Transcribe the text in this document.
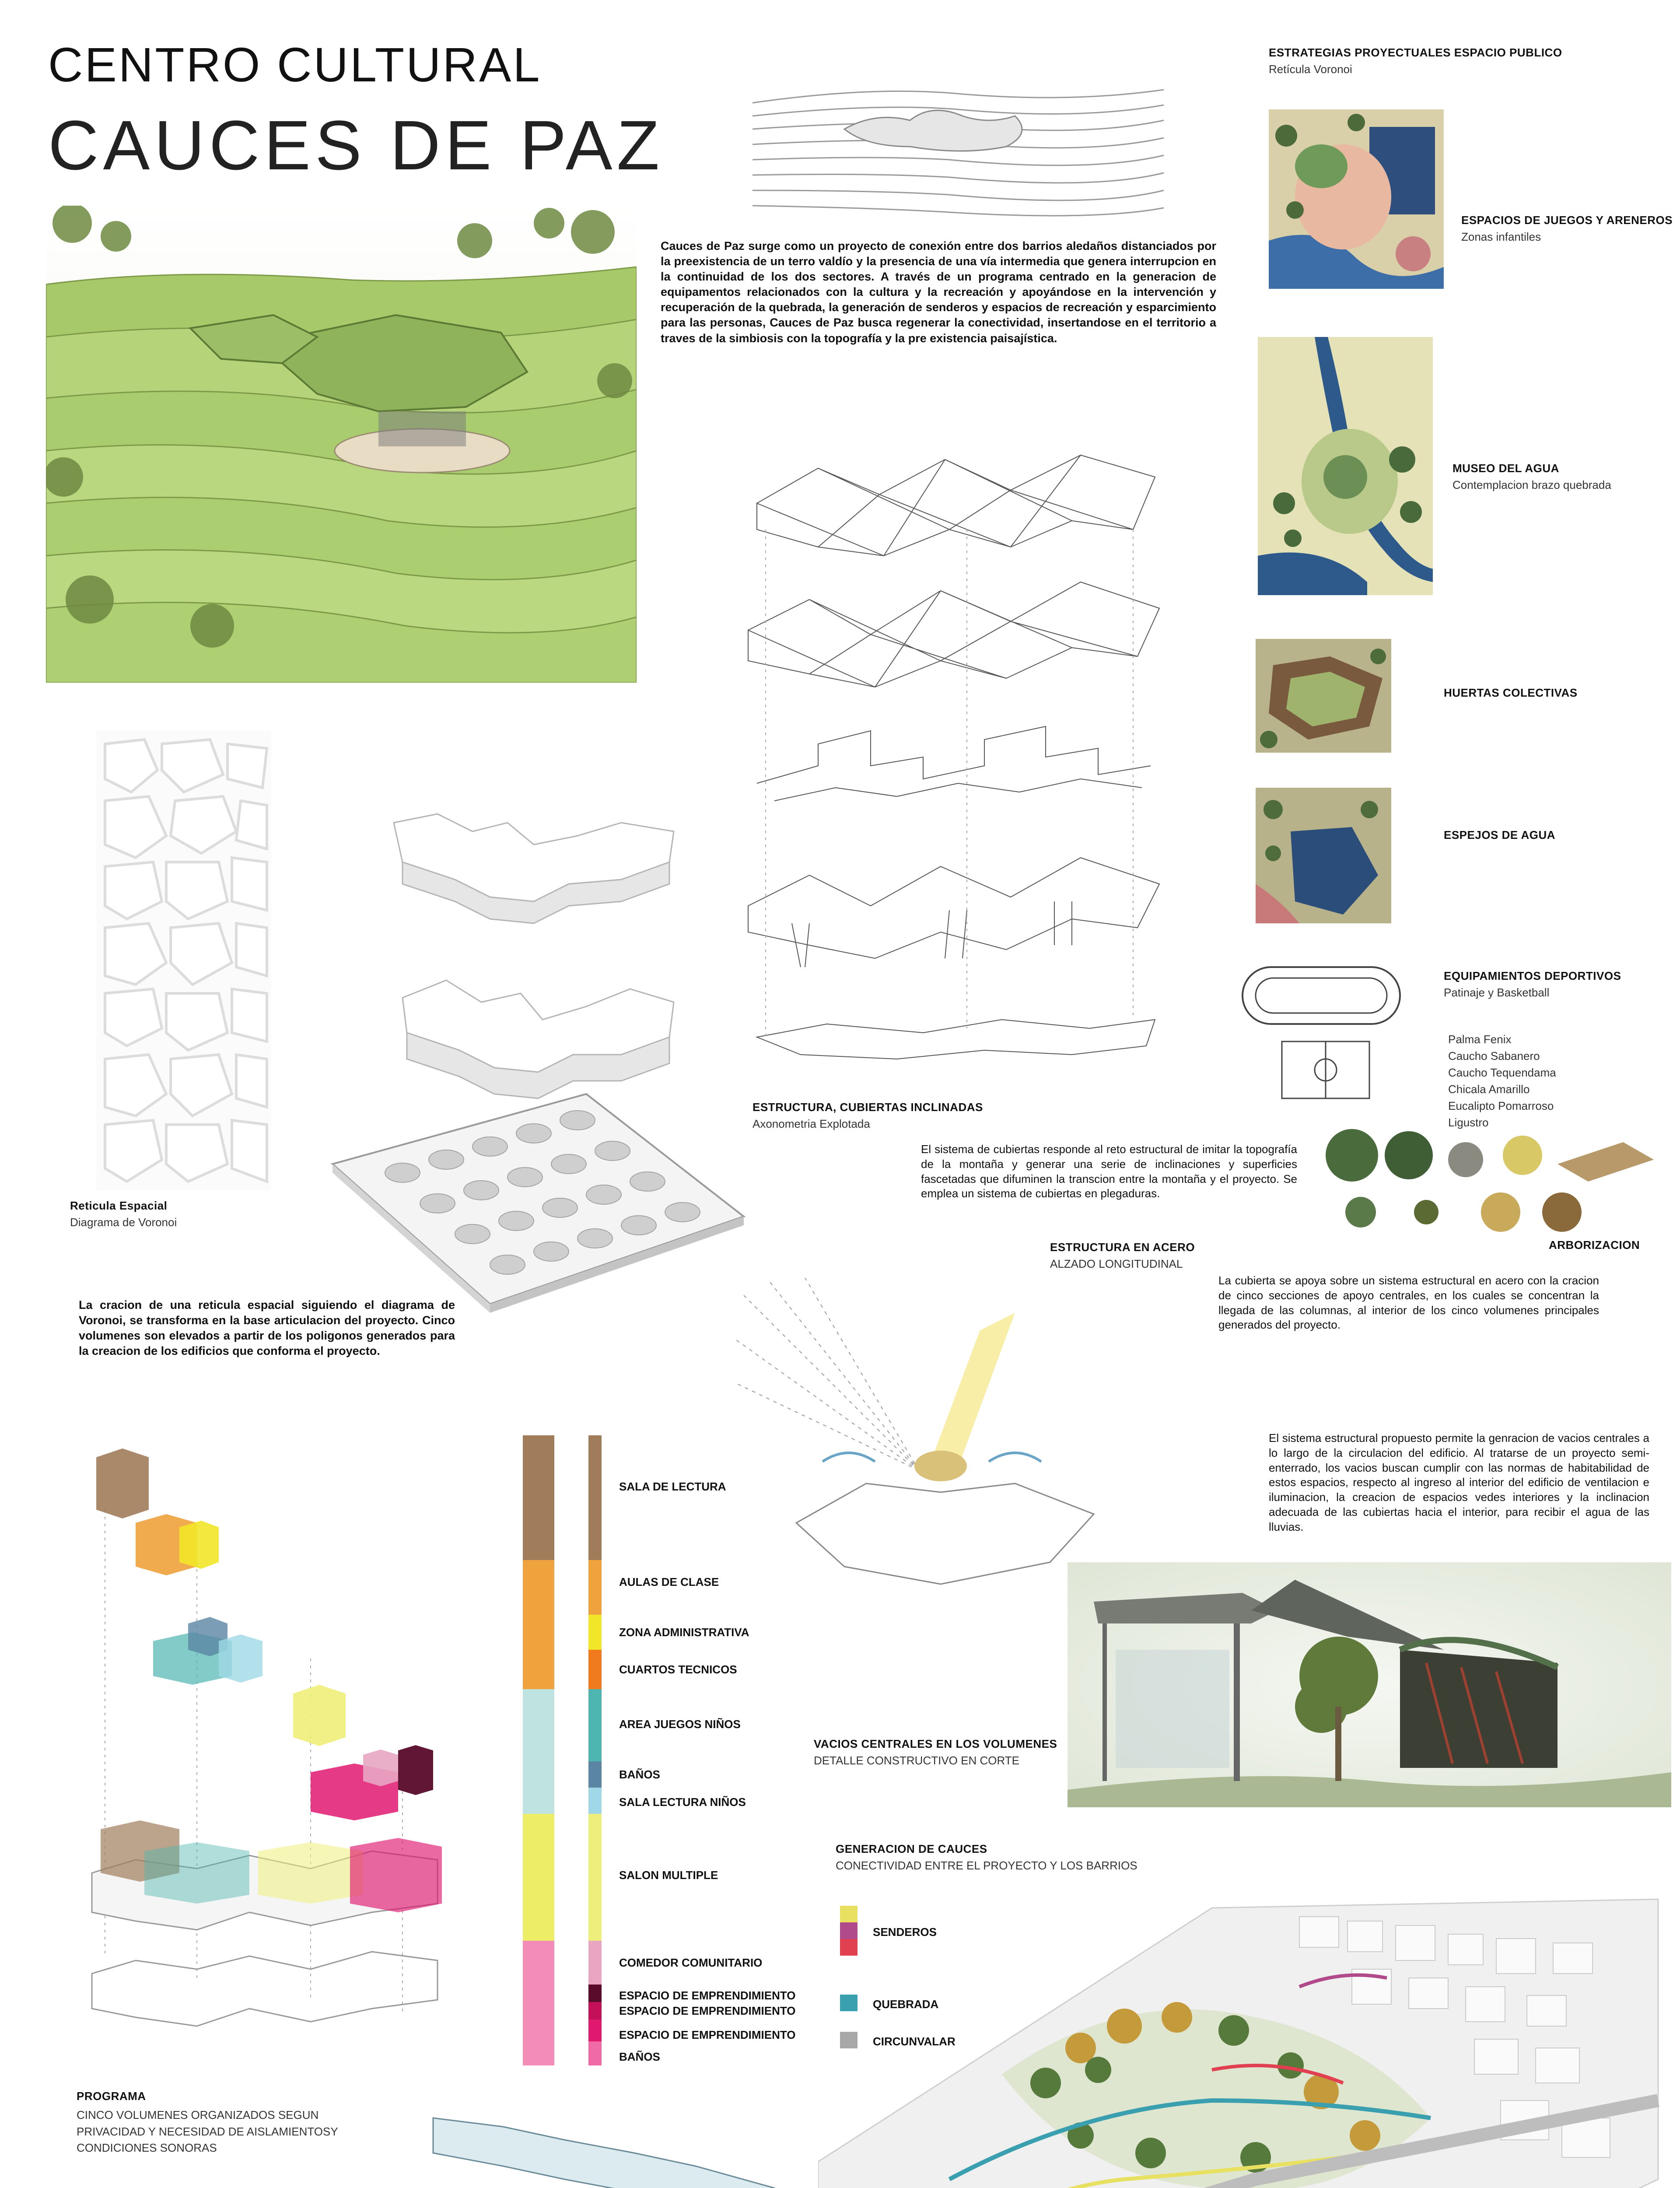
CENTRO CULTURAL
CAUCES DE PAZ
Cauces de Paz surge como un proyecto de conexión entre dos barrios aledaños distanciados por la preexistencia de un terro valdío y la presencia de una vía intermedia que genera interrupcion en la continuidad de los dos sectores. A través de un programa centrado en la generacion de equipamentos relacionados con la cultura y la recreación y apoyándose en la intervención y recuperación de la quebrada, la generación de senderos y espacios de recreación y esparcimiento para las personas, Cauces de Paz busca regenerar la conectividad, insertandose en el territorio a traves de la simbiosis con la topografía y la pre existencia paisajística.
ESTRUCTURA, CUBIERTAS INCLINADAS
Axonometria Explotada
El sistema de cubiertas responde al reto estructural de imitar la topografía de la montaña y generar una serie de inclinaciones y superficies fascetadas que difuminen la transcion entre la montaña y el proyecto. Se emplea un sistema de cubiertas en plegaduras.
ESTRUCTURA EN ACERO
ALZADO LONGITUDINAL
La cubierta se apoya sobre un sistema estructural en acero con la cracion de cinco secciones de apoyo centrales, en los cuales se concentran la llegada de las columnas, al interior de los cinco volumenes principales generados del proyecto.
ESTRATEGIAS PROYECTUALES ESPACIO PUBLICO
Retícula Voronoi
ESPACIOS DE JUEGOS Y ARENEROS
Zonas infantiles
MUSEO DEL AGUA
Contemplacion brazo quebrada
HUERTAS COLECTIVAS
ESPEJOS DE AGUA
EQUIPAMIENTOS DEPORTIVOS
Patinaje y Basketball
Palma Fenix
Caucho Sabanero
Caucho Tequendama
Chicala Amarillo
Eucalipto Pomarroso
Ligustro
ARBORIZACION
Reticula Espacial
Diagrama de Voronoi
La cracion de una reticula espacial siguiendo el diagrama de Voronoi, se transforma en la base articulacion del proyecto. Cinco volumenes son elevados a partir de los poligonos generados para la creacion de los edificios que conforma el proyecto.
El sistema estructural propuesto permite la genracion de vacios centrales a lo largo de la circulacion del edificio. Al tratarse de un proyecto semi-enterrado, los vacios buscan cumplir con las normas de habitabilidad de estos espacios, respecto al ingreso al interior del edificio de ventilacion e iluminacion, la creacion de espacios vedes interiores y la inclinacion adecuada de las cubiertas hacia el interior, para recibir el agua de las lluvias.
VACIOS CENTRALES EN LOS VOLUMENES
DETALLE CONSTRUCTIVO EN CORTE
SALA DE LECTURA
AULAS DE CLASE
ZONA ADMINISTRATIVA
CUARTOS TECNICOS
AREA JUEGOS NIÑOS
BAÑOS
SALA LECTURA NIÑOS
SALON MULTIPLE
COMEDOR COMUNITARIO
ESPACIO DE EMPRENDIMIENTO
ESPACIO DE EMPRENDIMIENTO
ESPACIO DE EMPRENDIMIENTO
BAÑOS
PROGRAMA
CINCO VOLUMENES ORGANIZADOS SEGUN PRIVACIDAD Y NECESIDAD DE AISLAMIENTOSY CONDICIONES SONORAS
GENERACION DE CAUCES
CONECTIVIDAD ENTRE EL PROYECTO Y LOS BARRIOS
SENDEROS
QUEBRADA
CIRCUNVALAR
